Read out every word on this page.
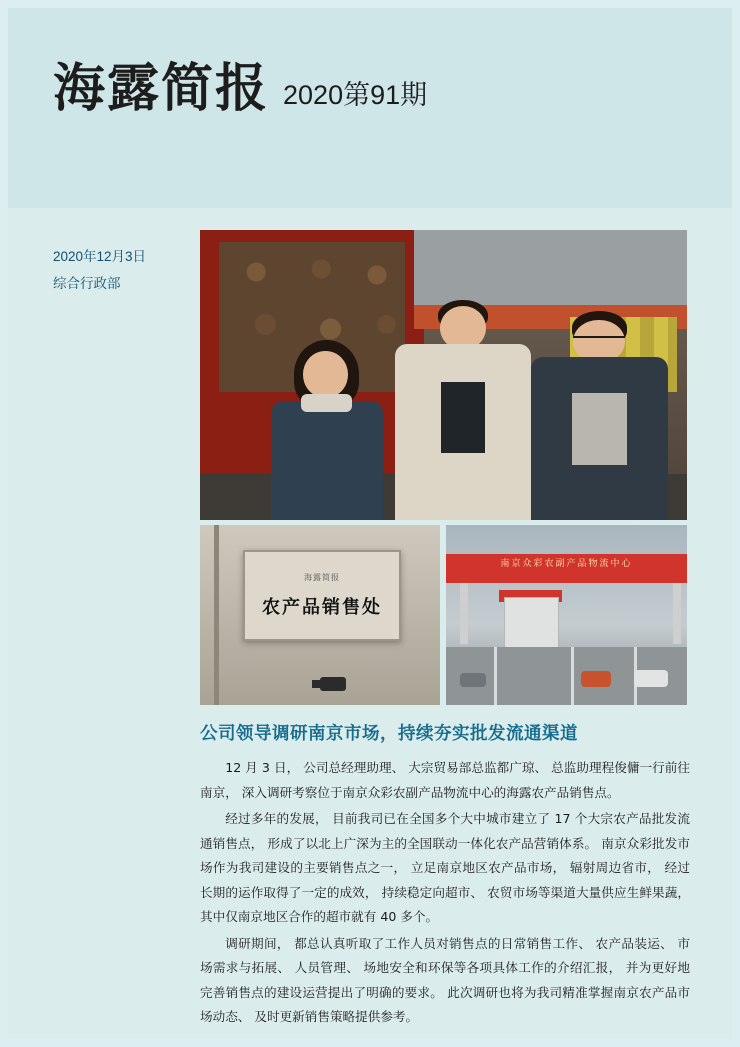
海露简报 2020第91期
2020年12月3日
综合行政部
海露简报
农产品销售处
南京众彩农副产品物流中心
公司领导调研南京市场，持续夯实批发流通渠道

12 月 3 日， 公司总经理助理、 大宗贸易部总监都广琼、 总监助理程俊傭一行前往南京， 深入调研考察位于南京众彩农副产品物流中心的海露农产品销售点。

经过多年的发展， 目前我司已在全国多个大中城市建立了 17 个大宗农产品批发流通销售点， 形成了以北上广深为主的全国联动一体化农产品营销体系。 南京众彩批发市场作为我司建设的主要销售点之一， 立足南京地区农产品市场， 辐射周边省市， 经过长期的运作取得了一定的成效， 持续稳定向超市、 农贸市场等渠道大量供应生鲜果蔬， 其中仅南京地区合作的超市就有 40 多个。

调研期间， 都总认真听取了工作人员对销售点的日常销售工作、 农产品装运、 市场需求与拓展、 人员管理、 场地安全和环保等各项具体工作的介绍汇报， 并为更好地完善销售点的建设运营提出了明确的要求。 此次调研也将为我司精准掌握南京农产品市场动态、 及时更新销售策略提供参考。
